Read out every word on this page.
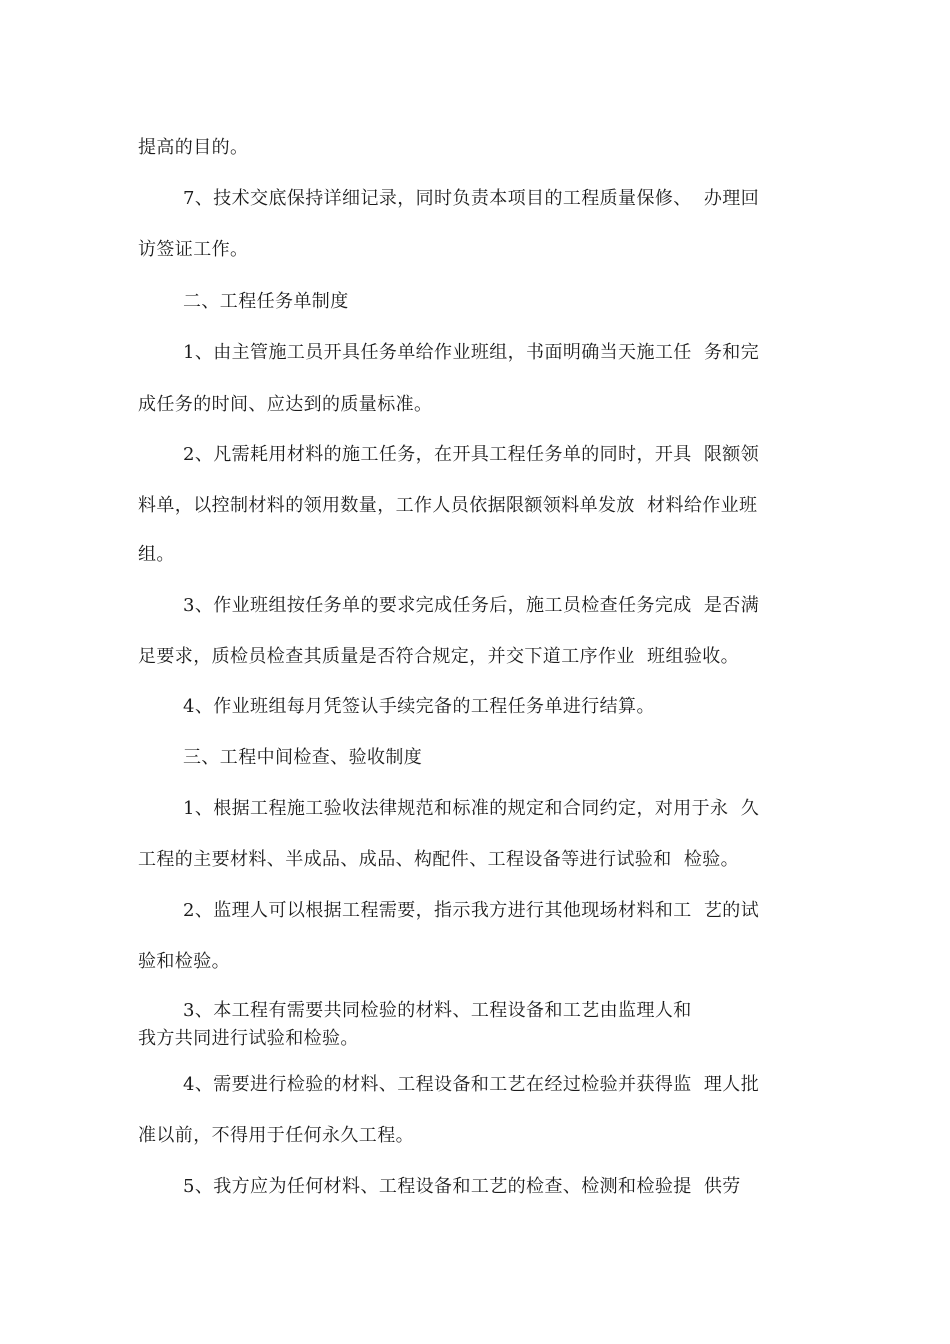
提高的目的。
7、技术交底保持详细记录，同时负责本项目的工程质量保修、  办理回
访签证工作。
二、工程任务单制度
1、由主管施工员开具任务单给作业班组，书面明确当天施工任  务和完
成任务的时间、应达到的质量标准。
2、凡需耗用材料的施工任务，在开具工程任务单的同时，开具  限额领
料单，以控制材料的领用数量，工作人员依据限额领料单发放  材料给作业班
组。
3、作业班组按任务单的要求完成任务后，施工员检查任务完成  是否满
足要求，质检员检查其质量是否符合规定，并交下道工序作业  班组验收。
4、作业班组每月凭签认手续完备的工程任务单进行结算。
三、工程中间检查、验收制度
1、根据工程施工验收法律规范和标准的规定和合同约定，对用于永  久
工程的主要材料、半成品、成品、构配件、工程设备等进行试验和  检验。
2、监理人可以根据工程需要，指示我方进行其他现场材料和工  艺的试
验和检验。
3、本工程有需要共同检验的材料、工程设备和工艺由监理人和
我方共同进行试验和检验。
4、需要进行检验的材料、工程设备和工艺在经过检验并获得监  理人批
准以前，不得用于任何永久工程。
5、我方应为任何材料、工程设备和工艺的检查、检测和检验提  供劳
